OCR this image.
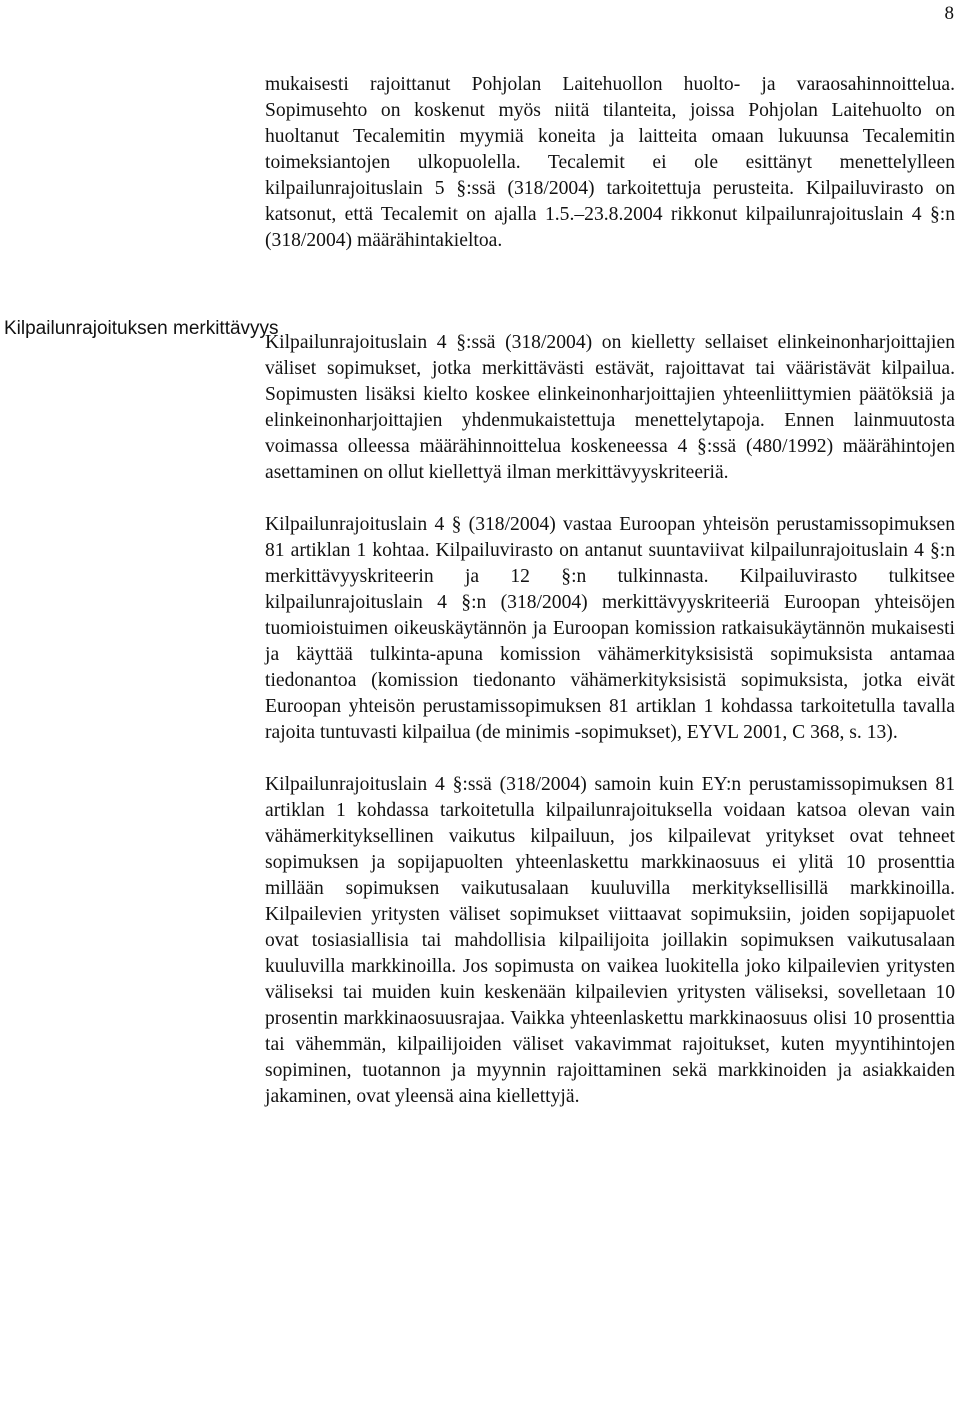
8
Kilpailunrajoituksen merkittävyys

mukaisesti rajoittanut Pohjolan Laitehuollon huolto- ja varaosahinnoittelua. Sopimusehto on koskenut myös niitä tilanteita, joissa Pohjolan Laitehuolto on huoltanut Tecalemitin myymiä koneita ja laitteita omaan lukuunsa Tecalemitin toimeksiantojen ulkopuolella. Tecalemit ei ole esittänyt menettelylleen kilpailunrajoituslain 5 §:ssä (318/2004) tarkoitettuja perusteita. Kilpailuvirasto on katsonut, että Tecalemit on ajalla 1.5.–23.8.2004 rikkonut kilpailunrajoituslain 4 §:n (318/2004) määrähintakieltoa.

Kilpailunrajoituslain 4 §:ssä (318/2004) on kielletty sellaiset elinkeinonharjoittajien väliset sopimukset, jotka merkittävästi estävät, rajoittavat tai vääristävät kilpailua. Sopimusten lisäksi kielto koskee elinkeinonharjoittajien yhteenliittymien päätöksiä ja elinkeinonharjoittajien yhdenmukaistettuja menettelytapoja. Ennen lainmuutosta voimassa olleessa määrähinnoittelua koskeneessa 4 §:ssä (480/1992) määrähintojen asettaminen on ollut kiellettyä ilman merkittävyyskriteeriä.

Kilpailunrajoituslain 4 § (318/2004) vastaa Euroopan yhteisön perustamissopimuksen 81 artiklan 1 kohtaa. Kilpailuvirasto on antanut suuntaviivat kilpailunrajoituslain 4 §:n merkittävyyskriteerin ja 12 §:n tulkinnasta. Kilpailuvirasto tulkitsee kilpailunrajoituslain 4 §:n (318/2004) merkittävyyskriteeriä Euroopan yhteisöjen tuomioistuimen oikeuskäytännön ja Euroopan komission ratkaisukäytännön mukaisesti ja käyttää tulkinta-apuna komission vähämerkityksisistä sopimuksista antamaa tiedonantoa (komission tiedonanto vähämerkityksisistä sopimuksista, jotka eivät Euroopan yhteisön perustamissopimuksen 81 artiklan 1 kohdassa tarkoitetulla tavalla rajoita tuntuvasti kilpailua (de minimis -sopimukset), EYVL 2001, C 368, s. 13).

Kilpailunrajoituslain 4 §:ssä (318/2004) samoin kuin EY:n perustamissopimuksen 81 artiklan 1 kohdassa tarkoitetulla kilpailunrajoituksella voidaan katsoa olevan vain vähämerkityksellinen vaikutus kilpailuun, jos kilpailevat yritykset ovat tehneet sopimuksen ja sopijapuolten yhteenlaskettu markkinaosuus ei ylitä 10 prosenttia millään sopimuksen vaikutusalaan kuuluvilla merkityksellisillä markkinoilla. Kilpailevien yritysten väliset sopimukset viittaavat sopimuksiin, joiden sopijapuolet ovat tosiasiallisia tai mahdollisia kilpailijoita joillakin sopimuksen vaikutusalaan kuuluvilla markkinoilla. Jos sopimusta on vaikea luokitella joko kilpailevien yritysten väliseksi tai muiden kuin keskenään kilpailevien yritysten väliseksi, sovelletaan 10 prosentin markkinaosuusrajaa. Vaikka yhteenlaskettu markkinaosuus olisi 10 prosenttia tai vähemmän, kilpailijoiden väliset vakavimmat rajoitukset, kuten myyntihintojen sopiminen, tuotannon ja myynnin rajoittaminen sekä markkinoiden ja asiakkaiden jakaminen, ovat yleensä aina kiellettyjä.
